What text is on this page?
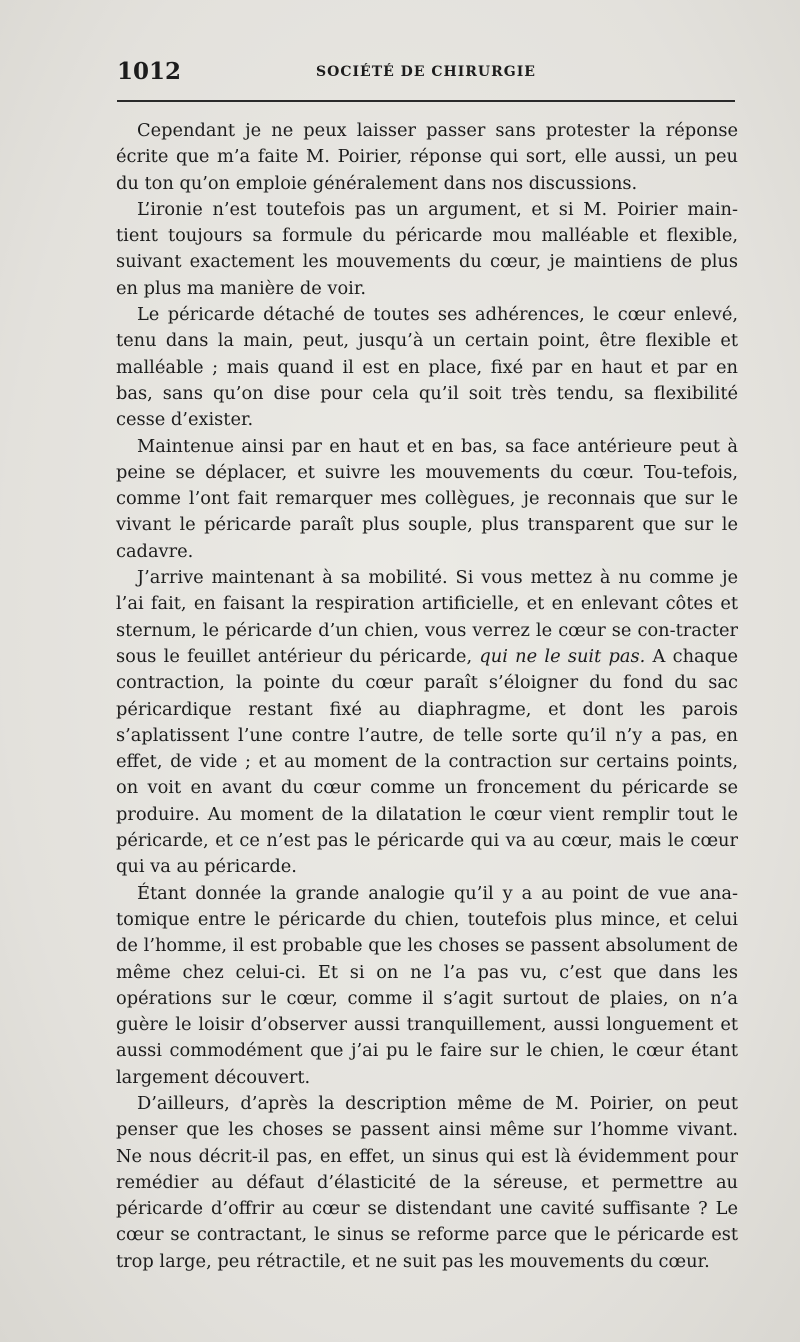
1012	SOCIÉTÉ DE CHIRURGIE

Cependant je ne peux laisser passer sans protester la réponse écrite que m’a faite M. Poirier, réponse qui sort, elle aussi, un peu du ton qu’on emploie généralement dans nos discussions.

L’ironie n’est toutefois pas un argument, et si M. Poirier main-tient toujours sa formule du péricarde mou malléable et flexible, suivant exactement les mouvements du cœur, je maintiens de plus en plus ma manière de voir.

Le péricarde détaché de toutes ses adhérences, le cœur enlevé, tenu dans la main, peut, jusqu’à un certain point, être flexible et malléable ; mais quand il est en place, fixé par en haut et par en bas, sans qu’on dise pour cela qu’il soit très tendu, sa flexibilité cesse d’exister.

Maintenue ainsi par en haut et en bas, sa face antérieure peut à peine se déplacer, et suivre les mouvements du cœur. Tou-tefois, comme l’ont fait remarquer mes collègues, je reconnais que sur le vivant le péricarde paraît plus souple, plus transparent que sur le cadavre.

J’arrive maintenant à sa mobilité. Si vous mettez à nu comme je l’ai fait, en faisant la respiration artificielle, et en enlevant côtes et sternum, le péricarde d’un chien, vous verrez le cœur se con-tracter sous le feuillet antérieur du péricarde, qui ne le suit pas. A chaque contraction, la pointe du cœur paraît s’éloigner du fond du sac péricardique restant fixé au diaphragme, et dont les parois s’aplatissent l’une contre l’autre, de telle sorte qu’il n’y a pas, en effet, de vide ; et au moment de la contraction sur certains points, on voit en avant du cœur comme un froncement du péricarde se produire. Au moment de la dilatation le cœur vient remplir tout le péricarde, et ce n’est pas le péricarde qui va au cœur, mais le cœur qui va au péricarde.

Étant donnée la grande analogie qu’il y a au point de vue ana-tomique entre le péricarde du chien, toutefois plus mince, et celui de l’homme, il est probable que les choses se passent absolument de même chez celui-ci. Et si on ne l’a pas vu, c’est que dans les opérations sur le cœur, comme il s’agit surtout de plaies, on n’a guère le loisir d’observer aussi tranquillement, aussi longuement et aussi commodément que j’ai pu le faire sur le chien, le cœur étant largement découvert.

D’ailleurs, d’après la description même de M. Poirier, on peut penser que les choses se passent ainsi même sur l’homme vivant. Ne nous décrit-il pas, en effet, un sinus qui est là évidemment pour remédier au défaut d’élasticité de la séreuse, et permettre au péricarde d’offrir au cœur se distendant une cavité suffisante ? Le cœur se contractant, le sinus se reforme parce que le péricarde est trop large, peu rétractile, et ne suit pas les mouvements du cœur.
